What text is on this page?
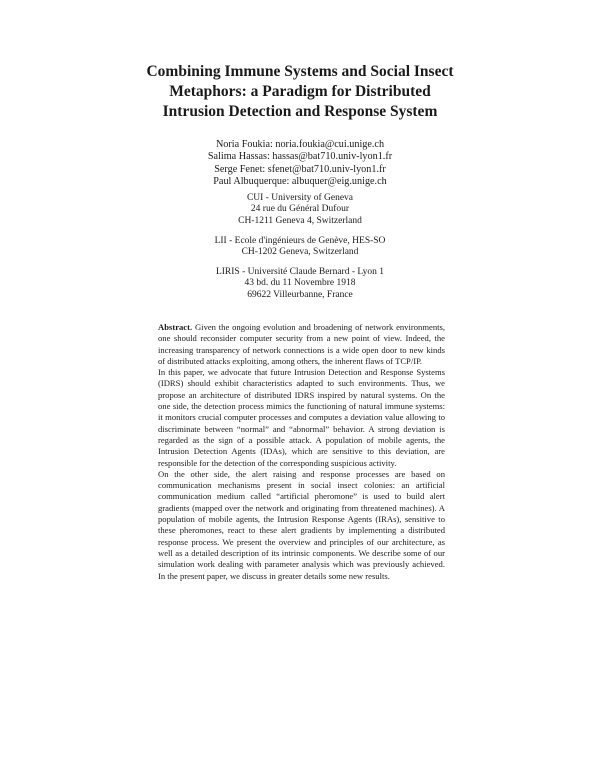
Combining Immune Systems and Social Insect
Metaphors: a Paradigm for Distributed
Intrusion Detection and Response System
Noria Foukia: noria.foukia@cui.unige.ch
Salima Hassas: hassas@bat710.univ-lyon1.fr
Serge Fenet: sfenet@bat710.univ-lyon1.fr
Paul Albuquerque: albuquer@eig.unige.ch
CUI - University of Geneva
24 rue du Général Dufour
CH-1211 Geneva 4, Switzerland
LII - Ecole d'ingénieurs de Genève, HES-SO
CH-1202 Geneva, Switzerland
LIRIS - Université Claude Bernard - Lyon 1
43 bd. du 11 Novembre 1918
69622 Villeurbanne, France

Abstract. Given the ongoing evolution and broadening of network environments, one should reconsider computer security from a new point of view. Indeed, the increasing transparency of network connections is a wide open door to new kinds of distributed attacks exploiting, among others, the inherent flaws of TCP/IP.

In this paper, we advocate that future Intrusion Detection and Response Systems (IDRS) should exhibit characteristics adapted to such environments. Thus, we propose an architecture of distributed IDRS inspired by natural systems. On the one side, the detection process mimics the functioning of natural immune systems: it monitors crucial computer processes and computes a deviation value allowing to discriminate between “normal” and “abnormal” behavior. A strong deviation is regarded as the sign of a possible attack. A population of mobile agents, the Intrusion Detection Agents (IDAs), which are sensitive to this deviation, are responsible for the detection of the corresponding suspicious activity.

On the other side, the alert raising and response processes are based on communication mechanisms present in social insect colonies: an artificial communication medium called “artificial pheromone” is used to build alert gradients (mapped over the network and originating from threatened machines). A population of mobile agents, the Intrusion Response Agents (IRAs), sensitive to these pheromones, react to these alert gradients by implementing a distributed response process. We present the overview and principles of our architecture, as well as a detailed description of its intrinsic components. We describe some of our simulation work dealing with parameter analysis which was previously achieved. In the present paper, we discuss in greater details some new results.
